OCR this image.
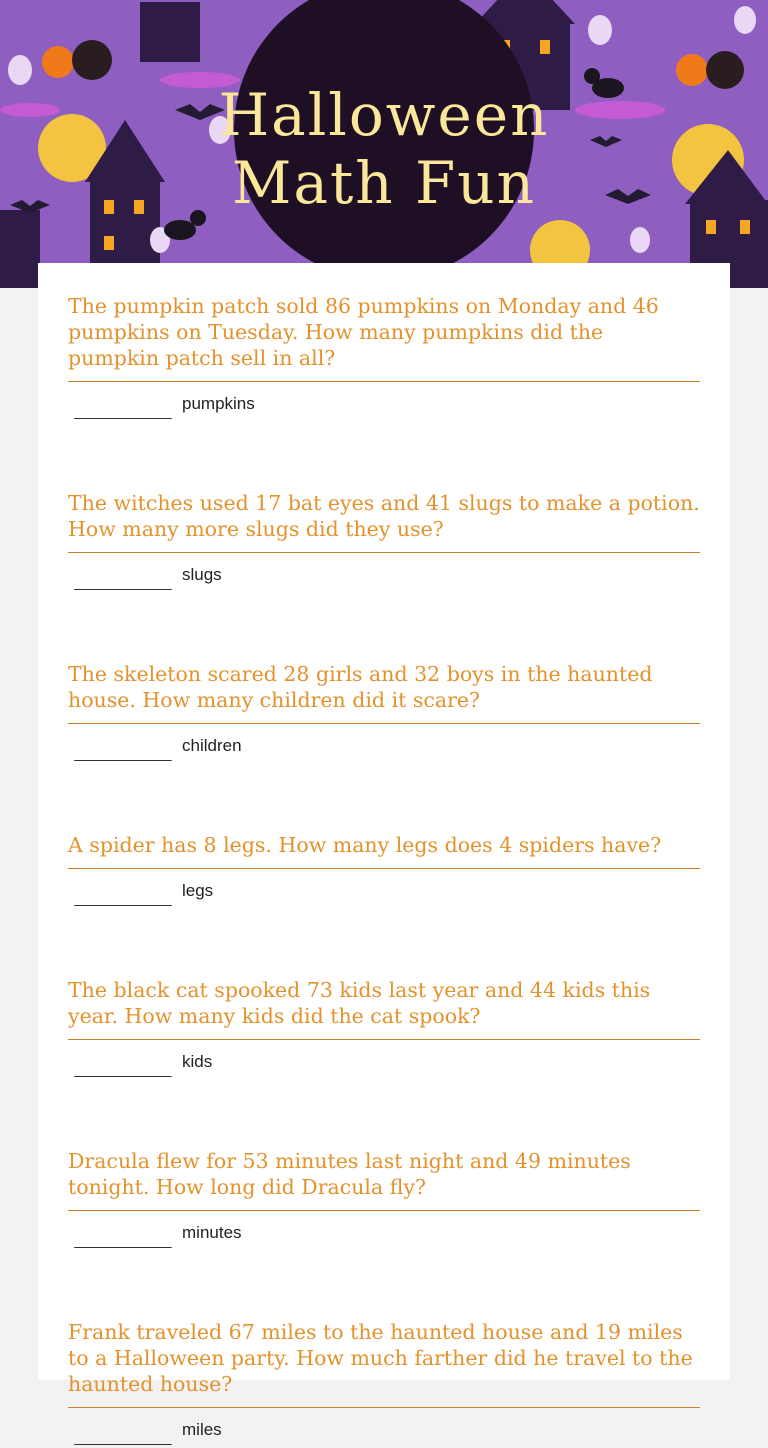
Halloween
Math Fun
The pumpkin patch sold 86 pumpkins on Monday and 46 pumpkins on Tuesday. How many pumpkins did the pumpkin patch sell in all?
pumpkins
The witches used 17 bat eyes and 41 slugs to make a potion. How many more slugs did they use?
slugs
The skeleton scared 28 girls and 32 boys in the haunted house. How many children did it scare?
children
A spider has 8 legs. How many legs does 4 spiders have?
legs
The black cat spooked 73 kids last year and 44 kids this year. How many kids did the cat spook?
kids
Dracula flew for 53 minutes last night and 49 minutes tonight. How long did Dracula fly?
minutes
Frank traveled 67 miles to the haunted house and 19 miles to a Halloween party. How much farther did he travel to the haunted house?
miles
